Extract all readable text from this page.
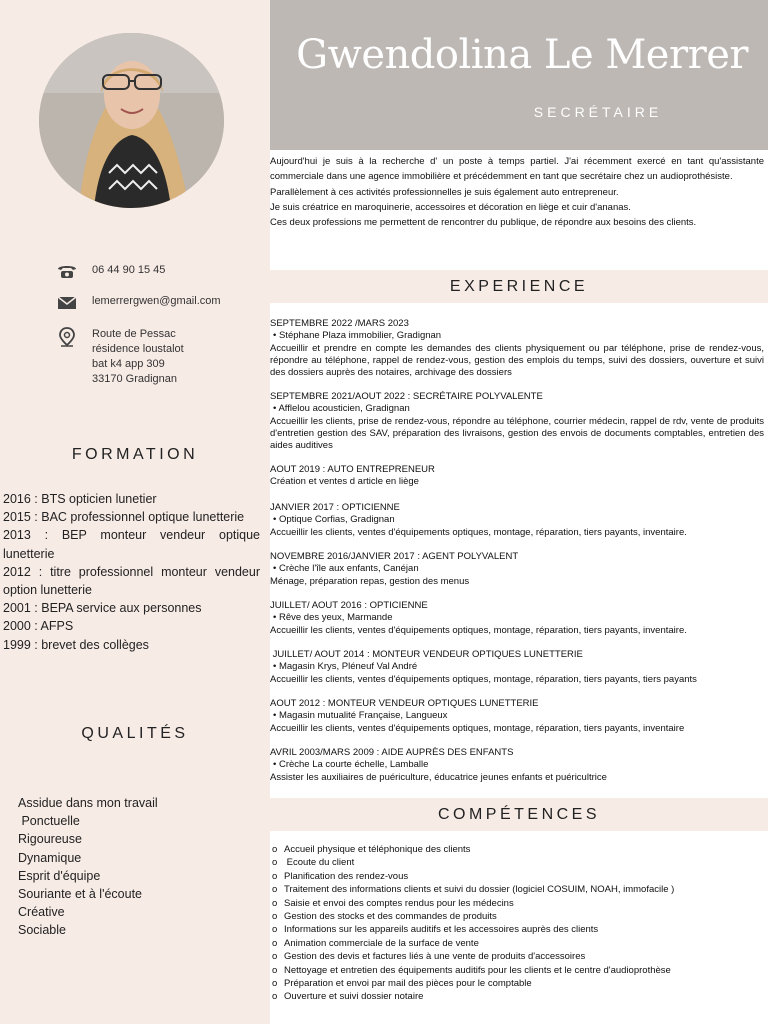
Gwendolina Le Merrer
SECRÉTAIRE
06 44 90 15 45
lemerrergwen@gmail.com
Route de Pessac
résidence loustalot
bat k4 app 309
33170 Gradignan
FORMATION
2016 : BTS opticien lunetier
2015 : BAC professionnel optique lunetterie
2013 : BEP monteur vendeur optique lunetterie
2012 : titre professionnel monteur vendeur option lunetterie
2001 : BEPA service aux personnes
2000 : AFPS
1999 : brevet des collèges
QUALITÉS
Assidue dans mon travail
Ponctuelle
Rigoureuse
Dynamique
Esprit d'équipe
Souriante et à l'écoute
Créative
Sociable

Aujourd'hui je suis à la recherche d' un poste à temps partiel. J'ai récemment exercé en tant qu'assistante commerciale dans une agence immobilière et précédemment en tant que secrétaire chez un audioprothésiste.

Parallèlement à ces activités professionnelles je suis également auto entrepreneur.

Je suis créatrice en maroquinerie, accessoires et décoration en liège et cuir d'ananas.

Ces deux professions me permettent de rencontrer du publique, de répondre aux besoins des clients.

EXPERIENCE
SEPTEMBRE 2022 /MARS 2023
• Stéphane Plaza immobilier, Gradignan
Accueillir et prendre en compte les demandes des clients physiquement ou par téléphone, prise de rendez-vous, répondre au téléphone, rappel de rendez-vous, gestion des emplois du temps, suivi des dossiers, ouverture et suivi des dossiers auprès des notaires, archivage des dossiers
SEPTEMBRE 2021/AOUT 2022 : SECRÉTAIRE POLYVALENTE
• Afflelou acousticien, Gradignan
Accueillir les clients, prise de rendez-vous, répondre au téléphone, courrier médecin, rappel de rdv, vente de produits d'entretien gestion des SAV, préparation des livraisons, gestion des envois de documents comptables, entretien des aides auditives
AOUT 2019 : AUTO ENTREPRENEUR
Création et ventes d article en liège
JANVIER 2017 : OPTICIENNE
• Optique Corfias, Gradignan
Accueillir les clients, ventes d'équipements optiques, montage, réparation, tiers payants, inventaire.
NOVEMBRE 2016/JANVIER 2017 : AGENT POLYVALENT
• Crèche l'île aux enfants, Canéjan
Ménage, préparation repas, gestion des menus
JUILLET/ AOUT 2016 : OPTICIENNE
• Rêve des yeux, Marmande
Accueillir les clients, ventes d'équipements optiques, montage, réparation, tiers payants, inventaire.
JUILLET/ AOUT 2014 : MONTEUR VENDEUR OPTIQUES LUNETTERIE
• Magasin Krys, Pléneuf Val André
Accueillir les clients, ventes d'équipements optiques, montage, réparation, tiers payants, tiers payants
AOUT 2012 : MONTEUR VENDEUR OPTIQUES LUNETTERIE
• Magasin mutualité Française, Langueux
Accueillir les clients, ventes d'équipements optiques, montage, réparation, tiers payants, inventaire
AVRIL 2003/MARS 2009 : AIDE AUPRÈS DES ENFANTS
• Crèche La courte échelle, Lamballe
Assister les auxiliaires de puériculture, éducatrice jeunes enfants et puéricultrice
COMPÉTENCES
o Accueil physique et téléphonique des clients
o Ecoute du client
o Planification des rendez-vous
o Traitement des informations clients et suivi du dossier (logiciel COSUIM, NOAH, immofacile )
o Saisie et envoi des comptes rendus pour les médecins
o Gestion des stocks et des commandes de produits
o Informations sur les appareils auditifs et les accessoires auprès des clients
o Animation commerciale de la surface de vente
o Gestion des devis et factures liés à une vente de produits d'accessoires
o Nettoyage et entretien des équipements auditifs pour les clients et le centre d'audioprothèse
o Préparation et envoi par mail des pièces pour le comptable
o Ouverture et suivi dossier notaire
